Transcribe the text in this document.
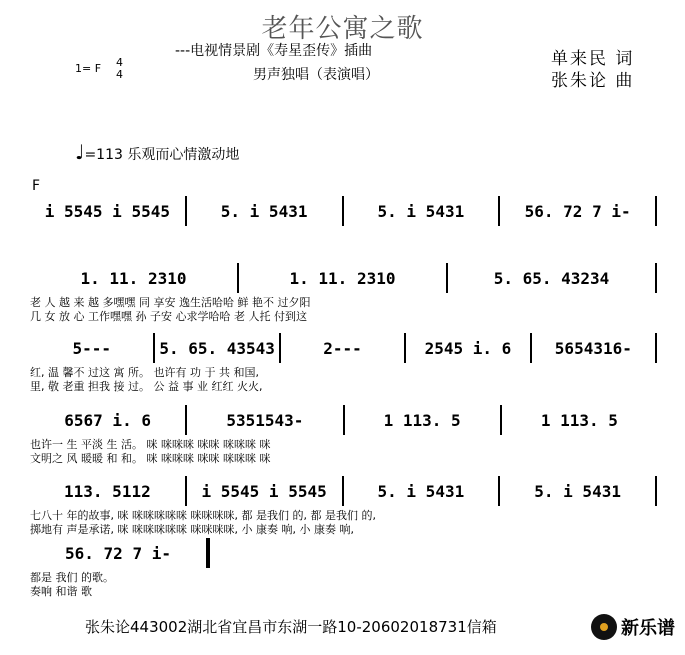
老年公寓之歌
---电视情景剧《寿星歪传》插曲
男声独唱（表演唱）
1= F 4
4
单来民 词
张朱论 曲
♩=113 乐观而心情激动地
F
i 5545 i 5545	5. i 5431	5. i 5431	56. 72 7 i-
1. 11. 2310	1. 11. 2310	5. 65. 43234
老 人 越 来 越 多嘿嘿 同 享安 逸生活哈哈 鲜 艳不 过夕阳
几 女 放 心 工作嘿嘿 孙 子安 心求学哈哈 老 人托 付到这
5---	5. 65. 43543	2---	2545 i. 6	5654316-
红, 温 馨不 过这 寓 所。 也许有 功 于 共 和国,
里, 敬 老重 担我 接 过。 公 益 事 业 红红 火火,
6567 i. 6	5351543-	1 113. 5	1 113. 5
也许一 生 平淡 生 活。 咪 咪咪咪 咪咪 咪咪咪 咪
文明之 风 暖暖 和 和。 咪 咪咪咪 咪咪 咪咪咪 咪
113. 5112	i 5545 i 5545	5. i 5431	5. i 5431
七八十 年的故事, 咪 咪咪咪咪咪 咪咪咪咪, 都 是我们 的, 都 是我们 的,
掷地有 声是承诺, 咪 咪咪咪咪咪 咪咪咪咪, 小 康奏 响, 小 康奏 响,
56. 72 7 i-
都是 我们 的歌。
奏响 和谐 歌
张朱论443002湖北省宜昌市东湖一路10-20602018731信箱	新乐谱
